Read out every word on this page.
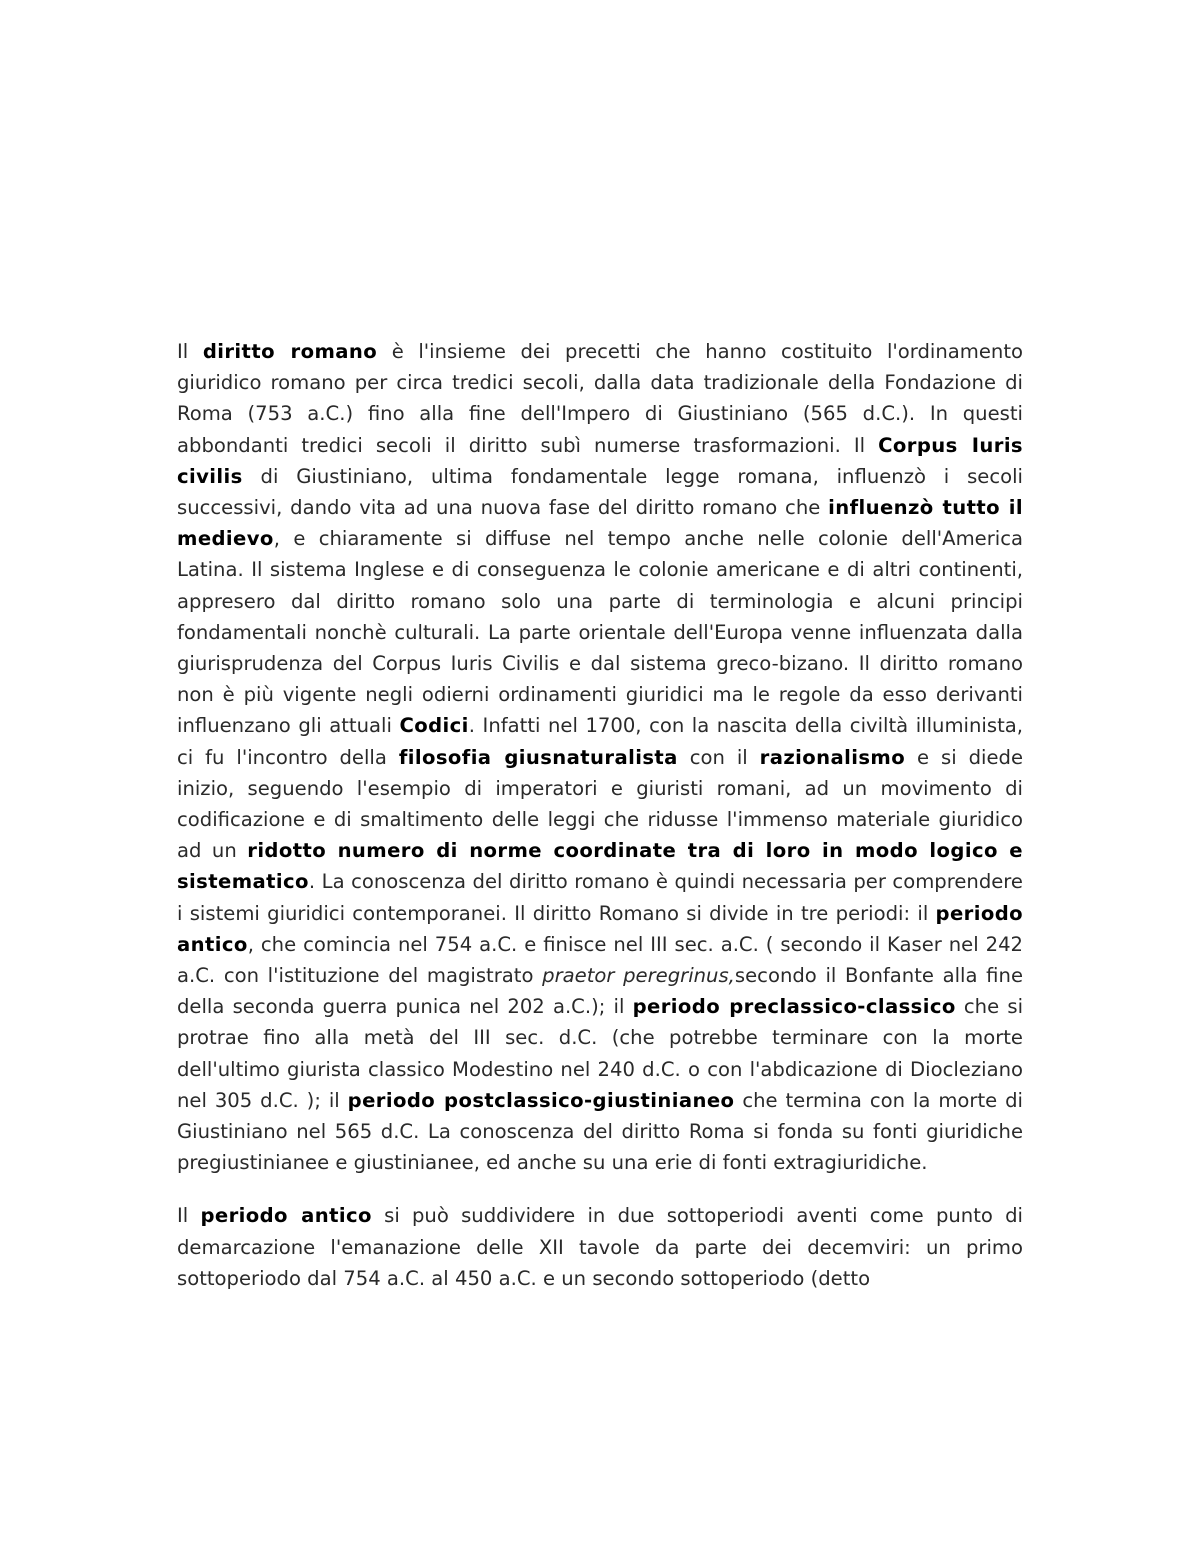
Il diritto romano è l'insieme dei precetti che hanno costituito l'ordinamento giuridico romano per circa tredici secoli, dalla data tradizionale della Fondazione di Roma (753 a.C.) fino alla fine dell'Impero di Giustiniano (565 d.C.). In questi abbondanti tredici secoli il diritto subì numerse trasformazioni. Il Corpus Iuris civilis di Giustiniano, ultima fondamentale legge romana, influenzò i secoli successivi, dando vita ad una nuova fase del diritto romano che influenzò tutto il medievo, e chiaramente si diffuse nel tempo anche nelle colonie dell'America Latina. Il sistema Inglese e di conseguenza le colonie americane e di altri continenti, appresero dal diritto romano solo una parte di terminologia e alcuni principi fondamentali nonchè culturali. La parte orientale dell'Europa venne influenzata dalla giurisprudenza del Corpus Iuris Civilis e dal sistema greco-bizano. Il diritto romano non è più vigente negli odierni ordinamenti giuridici ma le regole da esso derivanti influenzano gli attuali Codici. Infatti nel 1700, con la nascita della civiltà illuminista, ci fu l'incontro della filosofia giusnaturalista con il razionalismo e si diede inizio, seguendo l'esempio di imperatori e giuristi romani, ad un movimento di codificazione e di smaltimento delle leggi che ridusse l'immenso materiale giuridico ad un ridotto numero di norme coordinate tra di loro in modo logico e sistematico. La conoscenza del diritto romano è quindi necessaria per comprendere i sistemi giuridici contemporanei. Il diritto Romano si divide in tre periodi: il periodo antico, che comincia nel 754 a.C. e finisce nel III sec. a.C. ( secondo il Kaser nel 242 a.C. con l'istituzione del magistrato praetor peregrinus,secondo il Bonfante alla fine della seconda guerra punica nel 202 a.C.); il periodo preclassico-classico che si protrae fino alla metà del III sec. d.C. (che potrebbe terminare con la morte dell'ultimo giurista classico Modestino nel 240 d.C. o con l'abdicazione di Diocleziano nel 305 d.C. ); il periodo postclassico-giustinianeo che termina con la morte di Giustiniano nel 565 d.C. La conoscenza del diritto Roma si fonda su fonti giuridiche pregiustinianee e giustinianee, ed anche su una erie di fonti extragiuridiche.

Il periodo antico si può suddividere in due sottoperiodi aventi come punto di demarcazione l'emanazione delle XII tavole da parte dei decemviri: un primo sottoperiodo dal 754 a.C. al 450 a.C. e un secondo sottoperiodo (detto
